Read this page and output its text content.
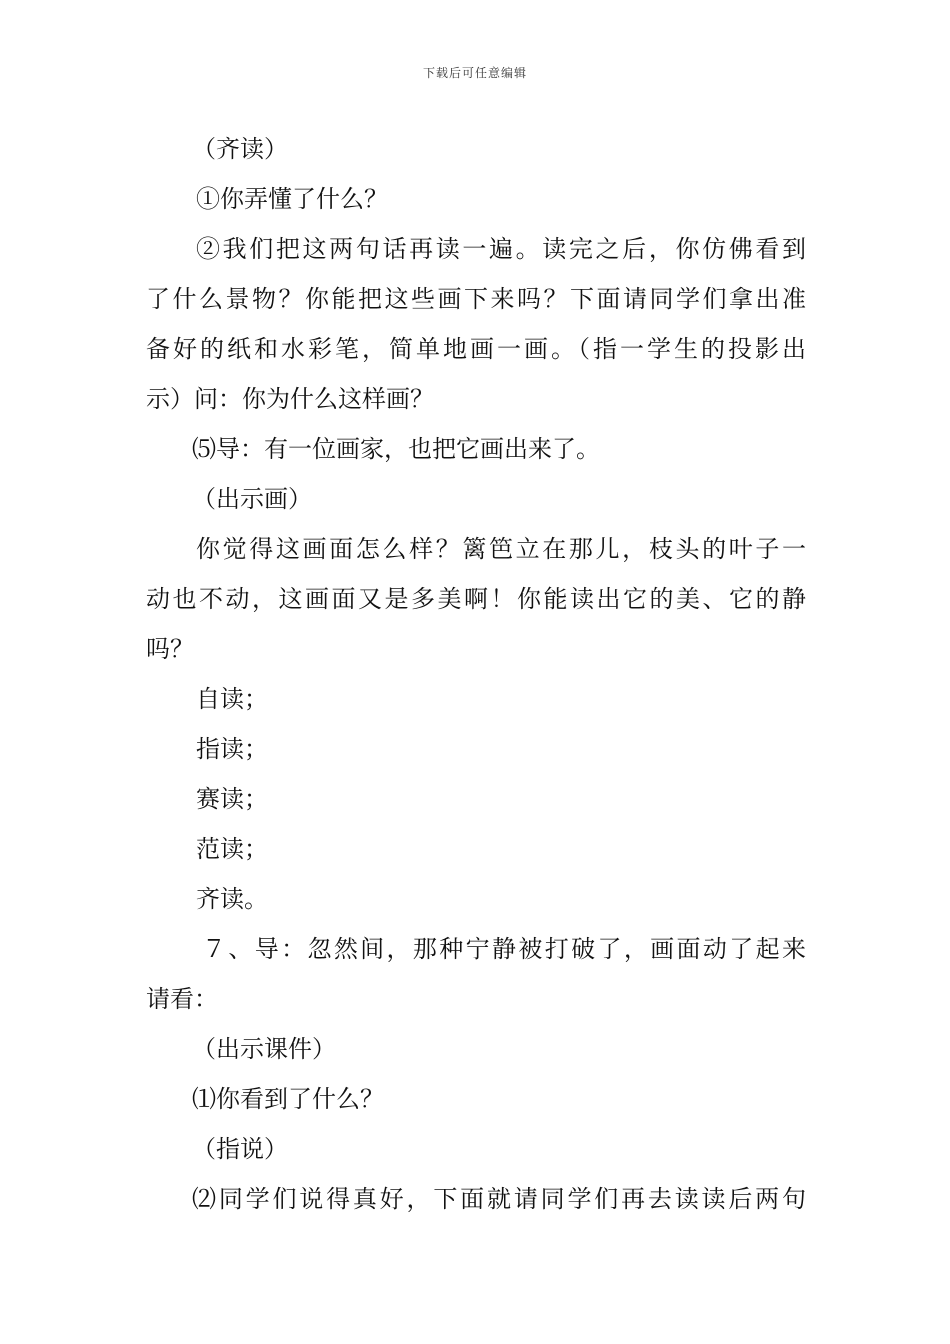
下载后可任意编辑
（齐读）
①你弄懂了什么？
②我们把这两句话再读一遍。读完之后，你仿佛看到
了什么景物？你能把这些画下来吗？下面请同学们拿出准
备好的纸和水彩笔，简单地画一画。（指一学生的投影出
示）问：你为什么这样画？
⑸导：有一位画家，也把它画出来了。
（出示画）
你觉得这画面怎么样？篱笆立在那儿，枝头的叶子一
动也不动，这画面又是多美啊！你能读出它的美、它的静
吗？
自读；
指读；
赛读；
范读；
齐读。
７、导：忽然间，那种宁静被打破了，画面动了起来
请看：
（出示课件）
⑴你看到了什么？
（指说）
⑵同学们说得真好，下面就请同学们再去读读后两句
